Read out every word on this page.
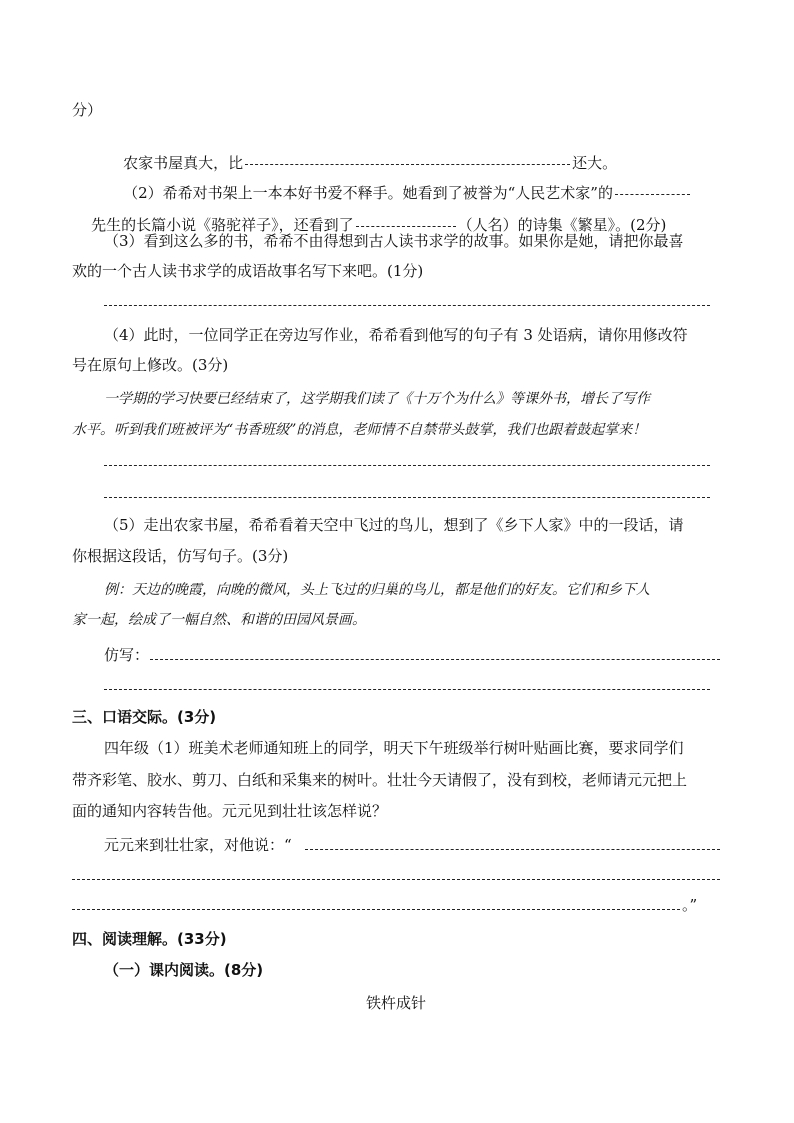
分）

农家书屋真大，比	还大。

（2）希希对书架上一本本好书爱不释手。她看到了被誉为“人民艺术家”的

先生的长篇小说《骆驼祥子》，还看到了	（人名）的诗集《繁星》。(2分)

（3）看到这么多的书，希希不由得想到古人读书求学的故事。如果你是她，请把你最喜
欢的一个古人读书求学的成语故事名写下来吧。(1分)
（4）此时，一位同学正在旁边写作业，希希看到他写的句子有 3 处语病，请你用修改符
号在原句上修改。(3分)
一学期的学习快要已经结束了，这学期我们读了《十万个为什么》等课外书，增长了写作
水平。听到我们班被评为“书香班级”的消息，老师情不自禁带头鼓掌，我们也跟着鼓起掌来！
（5）走出农家书屋，希希看着天空中飞过的鸟儿，想到了《乡下人家》中的一段话，请
你根据这段话，仿写句子。(3分)
例：天边的晚霞，向晚的微风，头上飞过的归巢的鸟儿，都是他们的好友。它们和乡下人
家一起，绘成了一幅自然、和谐的田园风景画。
仿写：
三、口语交际。(3分)
四年级（1）班美术老师通知班上的同学，明天下午班级举行树叶贴画比赛，要求同学们
带齐彩笔、胶水、剪刀、白纸和采集来的树叶。壮壮今天请假了，没有到校，老师请元元把上
面的通知内容转告他。元元见到壮壮该怎样说？
元元来到壮壮家，对他说：“
。”
四、阅读理解。(33分)
（一）课内阅读。(8分)
铁杵成针
